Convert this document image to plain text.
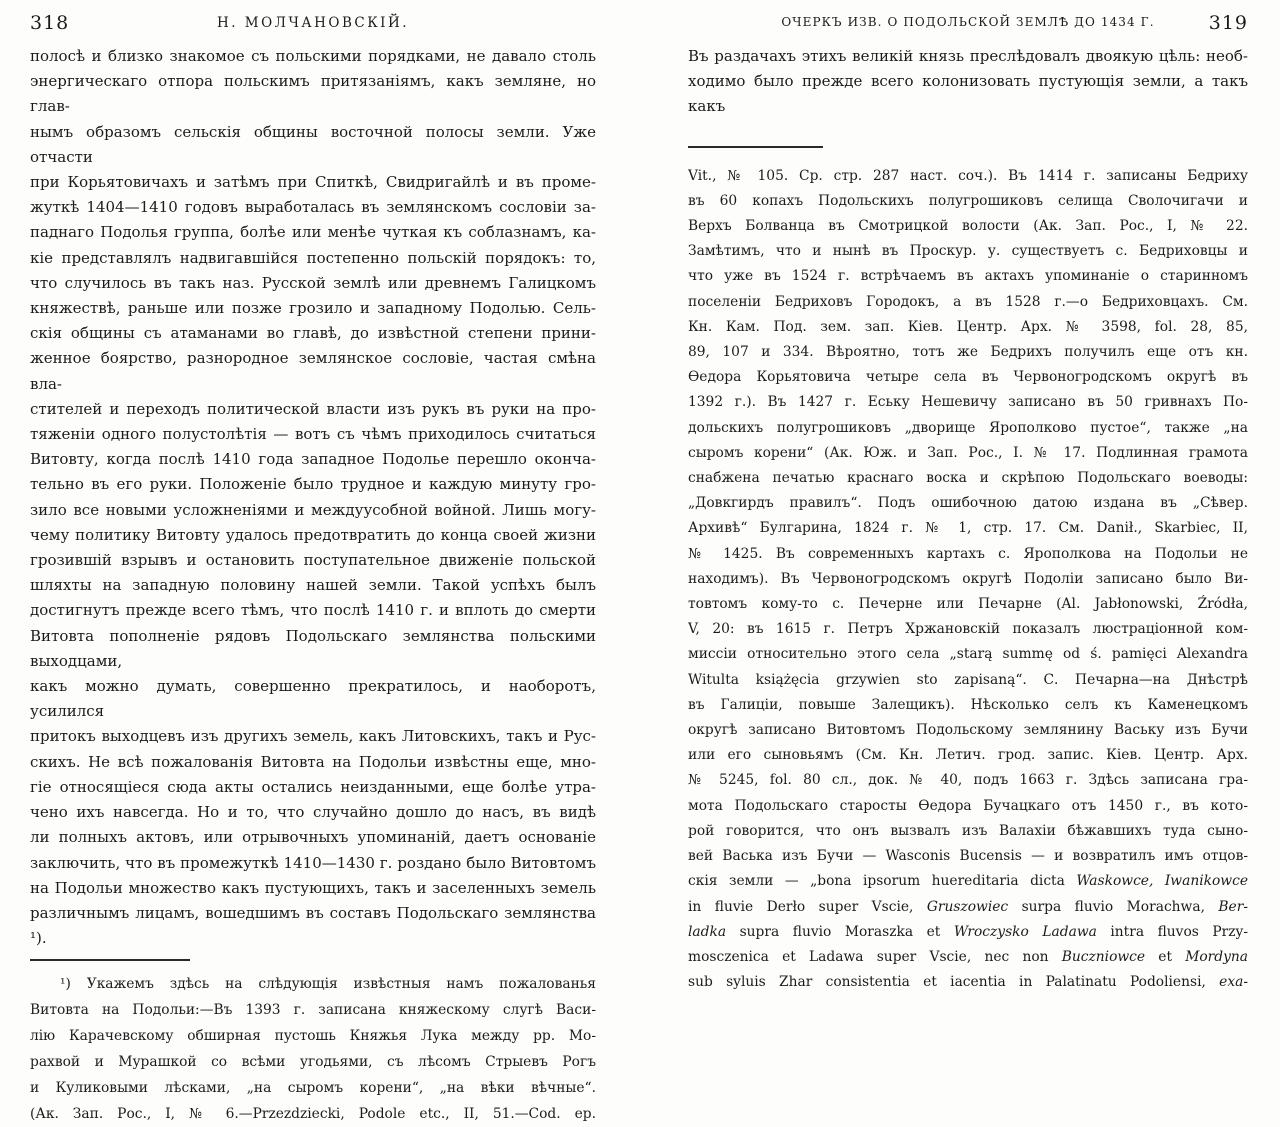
318	Н. МОЛЧАНОВСКІЙ.
полосѣ и близко знакомое съ польскими порядками, не давало столь
энергическаго отпора польскимъ притязаніямъ, какъ земляне, но глав-
нымъ образомъ сельскія общины восточной полосы земли. Уже отчасти
при Корьятовичахъ и затѣмъ при Спиткѣ, Свидригайлѣ и въ проме-
жуткѣ 1404—1410 годовъ выработалась въ землянскомъ сословіи за-
паднаго Подолья группа, болѣе или менѣе чуткая къ соблазнамъ, ка-
кіе представлялъ надвигавшійся постепенно польскій порядокъ: то,
что случилось въ такъ наз. Русской землѣ или древнемъ Галицкомъ
княжествѣ, раньше или позже грозило и западному Подолью. Сель-
скія общины съ атаманами во главѣ, до извѣстной степени прини-
женное боярство, разнородное землянское сословіе, частая смѣна вла-
стителей и переходъ политической власти изъ рукъ въ руки на про-
тяженіи одного полустолѣтія — вотъ съ чѣмъ приходилось считаться
Витовту, когда послѣ 1410 года западное Подолье перешло оконча-
тельно въ его руки. Положеніе было трудное и каждую минуту гро-
зило все новыми усложненіями и междуусобной войной. Лишь могу-
чему политику Витовту удалось предотвратить до конца своей жизни
грозившій взрывъ и остановить поступательное движеніе польской
шляхты на западную половину нашей земли. Такой успѣхъ былъ
достигнутъ прежде всего тѣмъ, что послѣ 1410 г. и вплоть до смерти
Витовта пополненіе рядовъ Подольскаго землянства польскими выходцами,
какъ можно думать, совершенно прекратилось, и наоборотъ, усилился
притокъ выходцевъ изъ другихъ земель, какъ Литовскихъ, такъ и Рус-
скихъ. Не всѣ пожалованія Витовта на Подольи извѣстны еще, мно-
гіе относящіеся сюда акты остались неизданными, еще болѣе утра-
чено ихъ навсегда. Но и то, что случайно дошло до насъ, въ видѣ
ли полныхъ актовъ, или отрывочныхъ упоминаній, даетъ основаніе
заключить, что въ промежуткѣ 1410—1430 г. роздано было Витовтомъ
на Подольи множество какъ пустующихъ, такъ и заселенныхъ земель
различнымъ лицамъ, вошедшимъ въ составъ Подольскаго землянства ¹).
¹) Укажемъ здѣсь на слѣдующія извѣстныя намъ пожалованья
Витовта на Подольи:—Въ 1393 г. записана княжескому слугѣ Васи-
лію Карачевскому обширная пустошь Княжья Лука между рр. Мо-
рахвой и Мурашкой со всѣми угодьями, съ лѣсомъ Стрыевъ Рогъ
и Куликовыми лѣсками, „на сыромъ корени“, „на вѣки вѣчные“.
(Ак. Зап. Рос., I, № 6.—Przezdziecki, Podole etc., II, 51.—Cod. ep.
319
ОЧЕРКЪ ИЗВ. О ПОДОЛЬСКОЙ ЗЕМЛѢ ДО 1434 Г.
Въ раздачахъ этихъ великій князь преслѣдовалъ двоякую цѣль: необ-
ходимо было прежде всего колонизовать пустующія земли, а такъ какъ
Vit., № 105. Ср. стр. 287 наст. соч.). Въ 1414 г. записаны Бедриху
въ 60 копахъ Подольскихъ полугрошиковъ селища Сволочигачи и
Верхъ Болванца въ Смотрицкой волости (Ак. Зап. Рос., I, № 22.
Замѣтимъ, что и нынѣ въ Проскур. у. существуетъ с. Бедриховцы и
что уже въ 1524 г. встрѣчаемъ въ актахъ упоминаніе о старинномъ
поселеніи Бедриховъ Городокъ, а въ 1528 г.—о Бедриховцахъ. См.
Кн. Кам. Под. зем. зап. Кіев. Центр. Арх. № 3598, fol. 28, 85,
89, 107 и 334. Вѣроятно, тотъ же Бедрихъ получилъ еще отъ кн.
Ѳедора Корьятовича четыре села въ Червоногродскомъ округѣ въ
1392 г.). Въ 1427 г. Еську Нешевичу записано въ 50 гривнахъ По-
дольскихъ полугрошиковъ „дворище Ярополково пустое“, также „на
сыромъ корени“ (Ак. Юж. и Зап. Рос., I. № 17. Подлинная грамота
снабжена печатью краснаго воска и скрѣпою Подольскаго воеводы:
„Довкгирдъ правилъ“. Подъ ошибочною датою издана въ „Сѣвер.
Архивѣ“ Булгарина, 1824 г. № 1, стр. 17. См. Danił., Skarbiec, II,
№ 1425. Въ современныхъ картахъ с. Ярополкова на Подольи не
находимъ). Въ Червоногродскомъ округѣ Подоліи записано было Ви-
товтомъ кому-то с. Печерне или Печарне (Al. Jabłonowski, Źródła,
V, 20: въ 1615 г. Петръ Хржановскій показалъ люстраціонной ком-
миссіи относительно этого села „starą summę od ś. pamięci Alexandra
Witulta książęcia grzywien sto zapisaną“. С. Печарна—на Днѣстрѣ
въ Галиціи, повыше Залещикъ). Нѣсколько селъ къ Каменецкомъ
округѣ записано Витовтомъ Подольскому землянину Ваську изъ Бучи
или его сыновьямъ (См. Кн. Летич. грод. запис. Кіев. Центр. Арх.
№ 5245, fol. 80 сл., док. № 40, подъ 1663 г. Здѣсь записана гра-
мота Подольскаго старосты Ѳедора Бучацкаго отъ 1450 г., въ кото-
рой говорится, что онъ вызвалъ изъ Валахіи бѣжавшихъ туда сыно-
вей Васька изъ Бучи — Wasconis Bucensis — и возвратилъ имъ отцов-
скія земли — „bona ipsorum huereditaria dicta Waskowce, Iwanikowce
in fluvie Derło super Vscie, Gruszowiec surpa fluvio Morachwa, Ber-
ladka supra fluvio Moraszka et Wroczysko Ladawa intra fluvos Przy-
mosczenica et Ladawa super Vscie, nec non Buczniowce et Mordyna
sub syluis Zhar consistentia et iacentia in Palatinatu Podoliensi, exa-
